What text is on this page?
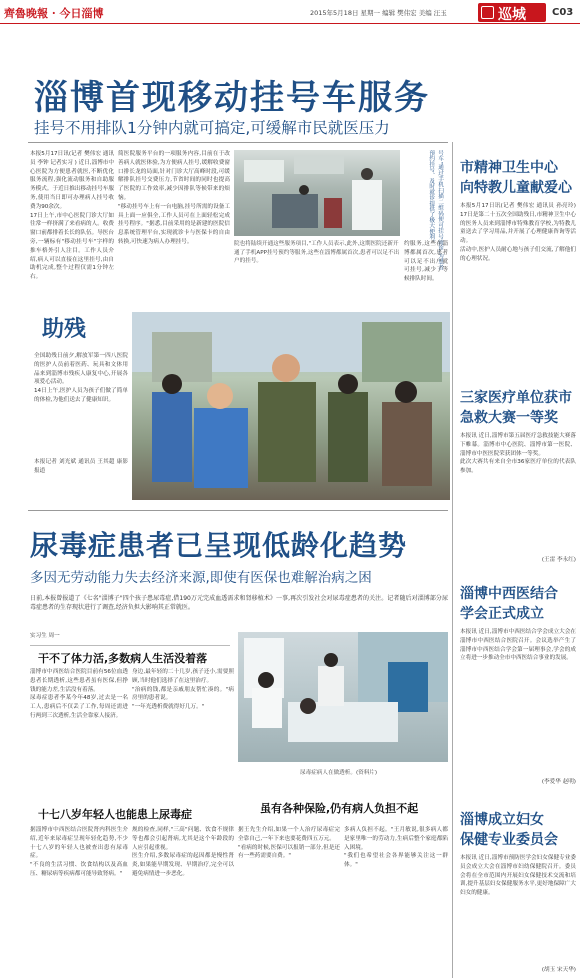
齊魯晚報 · 今日淄博	2015年5月18日 星期一 编辑 樊伟宏 美编 汪玉	巡城	C03
淄博首现移动挂号车服务
挂号不用排队1分钟内就可搞定,可缓解市民就医压力
本报5月17日讯(记者 樊伟宏 通讯员 李钟 记者实习 ) 近日,淄博市中心医院为方便患者就医,不断优化服务流程,强化流动服务和自助服务模式。于近日推出移动挂号车服务,使用当日即可办理病人挂号收费为90余次。
17日上午,市中心医院门诊大厅如往常一样挤满了来看病的人。收费窗口前都排着长长的队伍。导医台旁,一辆标有"移动挂号车"字样的推车格外引人注目。工作人员介绍,病人可以直接在这里挂号,由自助机完成,整个过程仅需1分钟左右。
简医院服务平台的一项服务内容,目前在于改善病人就医体验,为方便病人挂号,缓解收费窗口排长龙的局面,针对门诊大厅高峰时段,可缓解排队挂号交费压力,节省时间的同时也提高了医院的工作效率,减少因排队等候带来的烦恼。
"移动挂号车上有一台电脑,挂号所需的设备工具上面一应俱全,工作人员可在上面轻松完成挂号程序。"据悉,目前采用的是新建的医院信息系统管理平台,实现就诊卡与医保卡的自由转换,可快速为病人办理挂号。	院也将陆续开通这些服务项目,"工作人员表示,此外,这期医院还新开通了手机APP挂号预约等服务,这些在淄博都属首次,患者可以足不出户的挂号。	号车"通过手机扫描二维码便可挂号就诊,为患者预约挂号、及时就诊提供了极大便利。
约服务,这些在淄博都属首次,患者可以足不出户就可挂号,减少了等候排队时间。
助残
全国助残日前夕,解放军第一四八医院的医护人员前着医药、玩具和文体用品来到淄博市残疾人康复中心,开展各项爱心活动。
14日上午,医护人员为孩子们做了简单的体检,为他们送去了健康知识。
本报记者 刘光斌 通讯员 王其超 康影报道
尿毒症患者已呈现低龄化趋势
多因无劳动能力失去经济来源,即使有医保也难解治病之困
日前,本报曾报道了《七名"淄博子"四个孩子患尿毒症,借190万元完成血透需求和肾移植术》一事,再次引发社会对尿毒症患者的关注。记者随后对淄博部分尿毒症患者的生存现状进行了调查,经济负担大影响其正常就医。
实习生 周一
干不了体力活,多数病人生活没着落
淄博市中西医结合医院目前有56位血透患者长期透析,这些患者虽有医保,但挣钱的能力差,生活没有着落。
尿毒症患者李某今年48岁,过去是一名工人,患病后不仅丢了工作,每周还需进行两到三次透析,生活全靠家人接济。
身边,最年轻的二十几岁,孩子还小,需要照顾,当时他们选择了在这里治疗。
"治病的钱,都是亲戚朋友帮忙凑的。"病房里的患者说。
"一年光透析费就得好几万。"
尿毒症病人在做透析。(资料片)
十七八岁年轻人也能患上尿毒症
据淄博市中西医结合医院肾内科医生介绍,近年来尿毒症呈现年轻化趋势,不少十七八岁的年轻人也被查出患有尿毒症。
"不良的生活习惯、饮食结构以及高血压、糖尿病等疾病都可能导致肾病。"
规的检查,同样,"三高"问题、饮食不规律等也都会引起肾病,尤其是这个年龄段的人应引起重视。
医生介绍,多数尿毒症的起因都是慢性肾炎,如果能早期发现、早期治疗,完全可以避免病情进一步恶化。
虽有各种保险,仍有病人负担不起
据王先生介绍,如果一个人治疗尿毒症完全靠自己,一年下来也要花费四五万元。
"看病的时候,医保可以报销一部分,但是还有一些药需要自费。"
多病人负担不起。"王月敏说,很多病人都是家里唯一的劳动力,生病后整个家庭都陷入困境。
"我们也希望社会各界能够关注这一群体。"
市精神卫生中心
向特教儿童献爱心
本报5月17日讯(记者 樊伟宏 通讯员 孙亮玲) 17日是第二十五次全国助残日,市精神卫生中心的医务人员来到淄博市特殊教育学校,为特教儿童送去了学习用品,并开展了心理健康咨询等活动。
活动中,医护人员耐心地与孩子们交流,了解他们的心理状况。
三家医疗单位获市
急救大赛一等奖
本报讯 近日,淄博市第五届医疗急救技能大赛落下帷幕。淄博市中心医院、淄博市第一医院、淄博市中医医院荣获团体一等奖。
此次大赛共有来自全市36家医疗单位的代表队参加。
(王雷 李永红)
淄博中西医结合
学会正式成立
本报讯 近日,淄博市中西医结合学会成立大会在淄博市中西医结合医院召开。会议选举产生了淄博市中西医结合学会第一届理事会,学会的成立将进一步推动全市中西医结合事业的发展。
(李爱华 赵明)
淄博成立妇女
保健专业委员会
本报讯 近日,淄博市预防医学会妇女保健专业委员会成立大会在淄博市妇幼保健院召开。委员会将在全市范围内开展妇女保健技术交流和培训,提升基层妇女保健服务水平,更好地保障广大妇女的健康。
(胡玉 宋天华)
